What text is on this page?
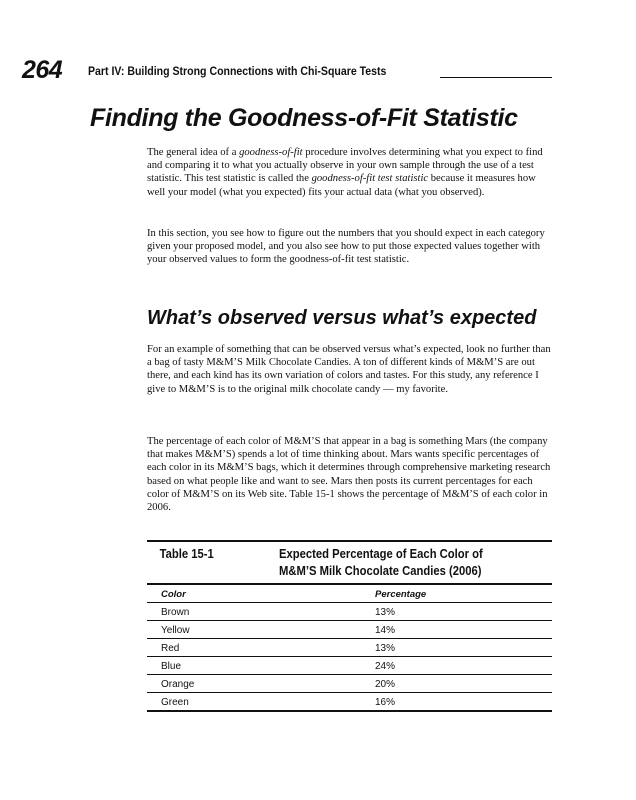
264 Part IV: Building Strong Connections with Chi-Square Tests
Finding the Goodness-of-Fit Statistic

The general idea of a goodness-of-fit procedure involves determining what you expect to find and comparing it to what you actually observe in your own sample through the use of a test statistic. This test statistic is called the goodness-of-fit test statistic because it measures how well your model (what you expected) fits your actual data (what you observed).

In this section, you see how to figure out the numbers that you should expect in each category given your proposed model, and you also see how to put those expected values together with your observed values to form the goodness-of-fit test statistic.

What’s observed versus what’s expected

For an example of something that can be observed versus what’s expected, look no further than a bag of tasty M&M’S Milk Chocolate Candies. A ton of different kinds of M&M’S are out there, and each kind has its own variation of colors and tastes. For this study, any reference I give to M&M’S is to the original milk chocolate candy — my favorite.

The percentage of each color of M&M’S that appear in a bag is something Mars (the company that makes M&M’S) spends a lot of time thinking about. Mars wants specific percentages of each color in its M&M’S bags, which it determines through comprehensive marketing research based on what people like and want to see. Mars then posts its current percentages for each color of M&M’S on its Web site. Table 15-1 shows the percentage of M&M’S of each color in 2006.

Table 15-1	Expected Percentage of Each Color of
M&M’S Milk Chocolate Candies (2006)
Color	Percentage
Brown	13%
Yellow	14%
Red	13%
Blue	24%
Orange	20%
Green	16%
